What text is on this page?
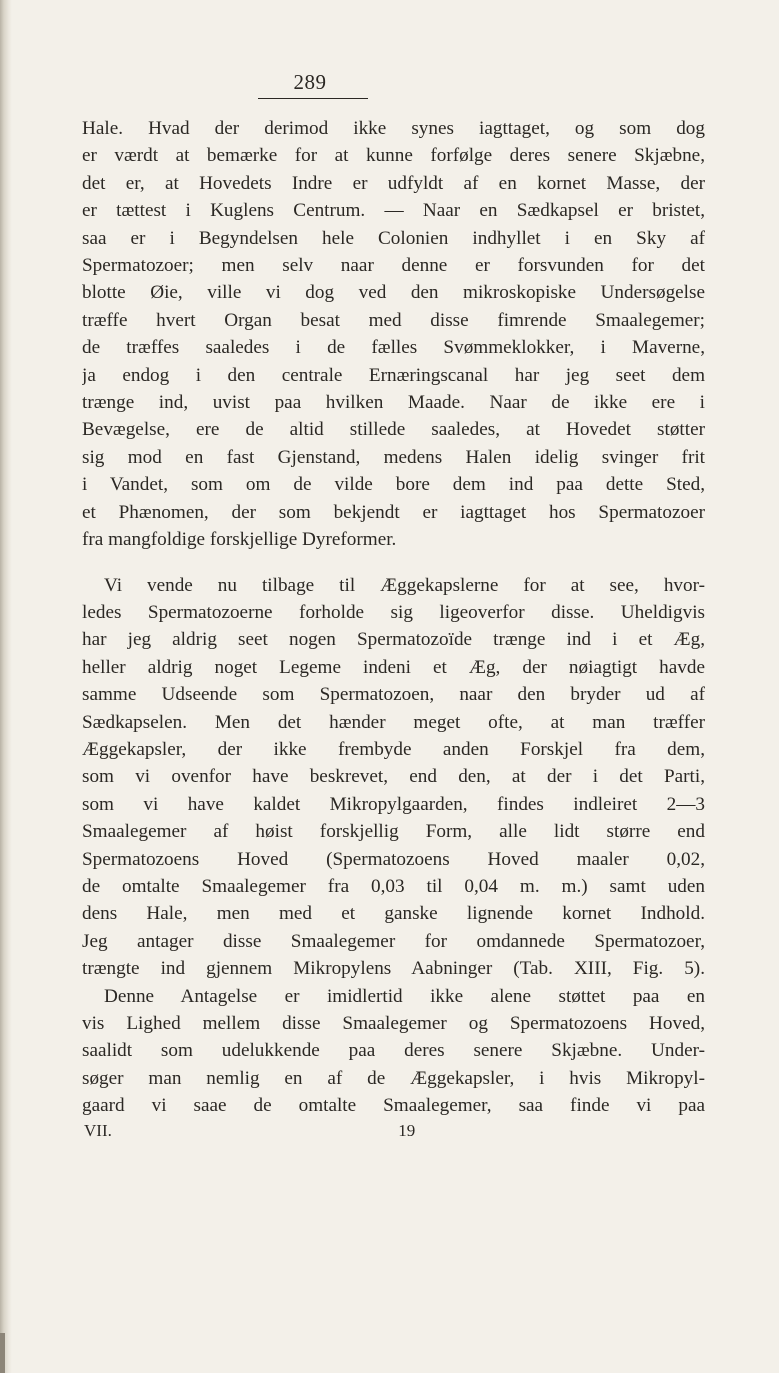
289
Hale. Hvad der derimod ikke synes iagttaget, og som dog
er værdt at bemærke for at kunne forfølge deres senere Skjæbne,
det er, at Hovedets Indre er udfyldt af en kornet Masse, der
er tættest i Kuglens Centrum. — Naar en Sædkapsel er bristet,
saa er i Begyndelsen hele Colonien indhyllet i en Sky af
Spermatozoer; men selv naar denne er forsvunden for det
blotte Øie, ville vi dog ved den mikroskopiske Undersøgelse
træffe hvert Organ besat med disse fimrende Smaalegemer;
de træffes saaledes i de fælles Svømmeklokker, i Maverne,
ja endog i den centrale Ernæringscanal har jeg seet dem
trænge ind, uvist paa hvilken Maade. Naar de ikke ere i
Bevægelse, ere de altid stillede saaledes, at Hovedet støtter
sig mod en fast Gjenstand, medens Halen idelig svinger frit
i Vandet, som om de vilde bore dem ind paa dette Sted,
et Phænomen, der som bekjendt er iagttaget hos Spermatozoer
fra mangfoldige forskjellige Dyreformer.
Vi vende nu tilbage til Æggekapslerne for at see, hvor-
ledes Spermatozoerne forholde sig ligeoverfor disse. Uheldigvis
har jeg aldrig seet nogen Spermatozoïde trænge ind i et Æg,
heller aldrig noget Legeme indeni et Æg, der nøiagtigt havde
samme Udseende som Spermatozoen, naar den bryder ud af
Sædkapselen. Men det hænder meget ofte, at man træffer
Æggekapsler, der ikke frembyde anden Forskjel fra dem,
som vi ovenfor have beskrevet, end den, at der i det Parti,
som vi have kaldet Mikropylgaarden, findes indleiret 2—3
Smaalegemer af høist forskjellig Form, alle lidt større end
Spermatozoens Hoved (Spermatozoens Hoved maaler 0,02,
de omtalte Smaalegemer fra 0,03 til 0,04 m. m.) samt uden
dens Hale, men med et ganske lignende kornet Indhold.
Jeg antager disse Smaalegemer for omdannede Spermatozoer,
trængte ind gjennem Mikropylens Aabninger (Tab. XIII, Fig. 5).
Denne Antagelse er imidlertid ikke alene støttet paa en
vis Lighed mellem disse Smaalegemer og Spermatozoens Hoved,
saalidt som udelukkende paa deres senere Skjæbne. Under-
søger man nemlig en af de Æggekapsler, i hvis Mikropyl-
gaard vi saae de omtalte Smaalegemer, saa finde vi paa
VII.	19
